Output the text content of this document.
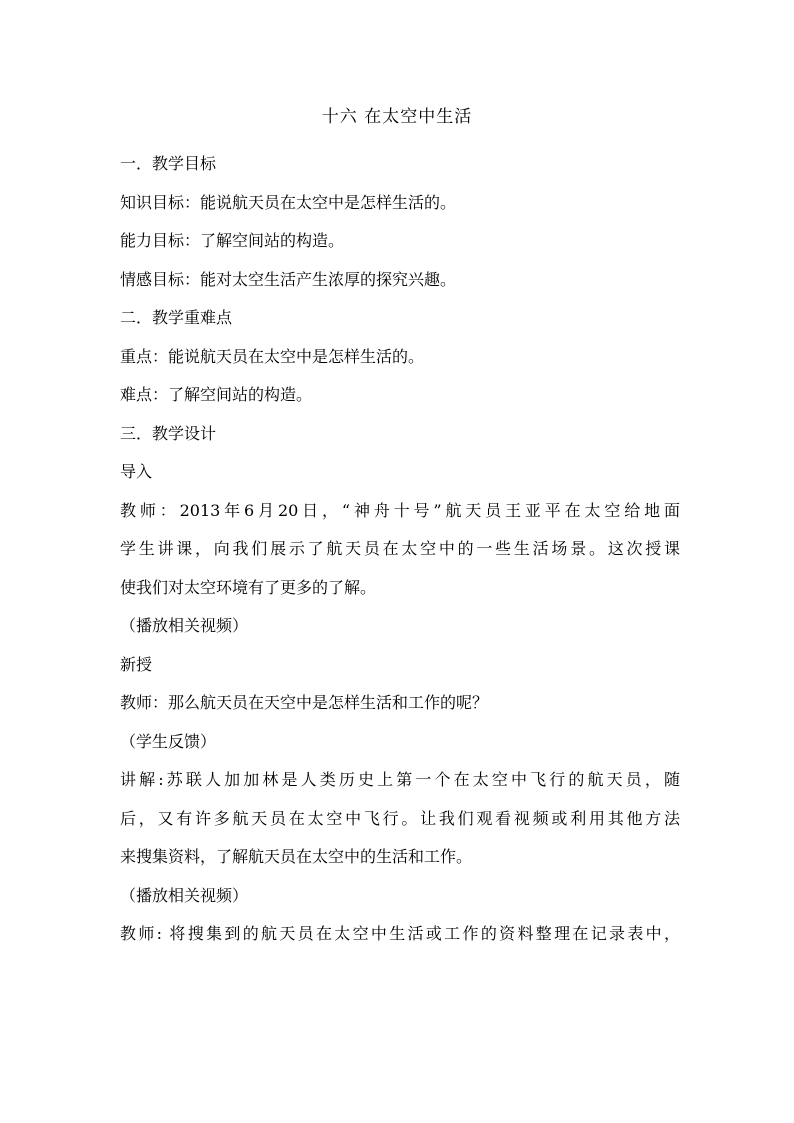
十六 在太空中生活
一．教学目标
知识目标：能说航天员在太空中是怎样生活的。
能力目标：了解空间站的构造。
情感目标：能对太空生活产生浓厚的探究兴趣。
二．教学重难点
重点：能说航天员在太空中是怎样生活的。
难点：了解空间站的构造。
三．教学设计
导入
教师：2013年6月20日，“神舟十号”航天员王亚平在太空给地面
学生讲课，向我们展示了航天员在太空中的一些生活场景。这次授课
使我们对太空环境有了更多的了解。
（播放相关视频）
新授
教师：那么航天员在天空中是怎样生活和工作的呢？
（学生反馈）
讲解:苏联人加加林是人类历史上第一个在太空中飞行的航天员，随
后，又有许多航天员在太空中飞行。让我们观看视频或利用其他方法
来搜集资料，了解航天员在太空中的生活和工作。
（播放相关视频）
教师: 将搜集到的航天员在太空中生活或工作的资料整理在记录表中，
